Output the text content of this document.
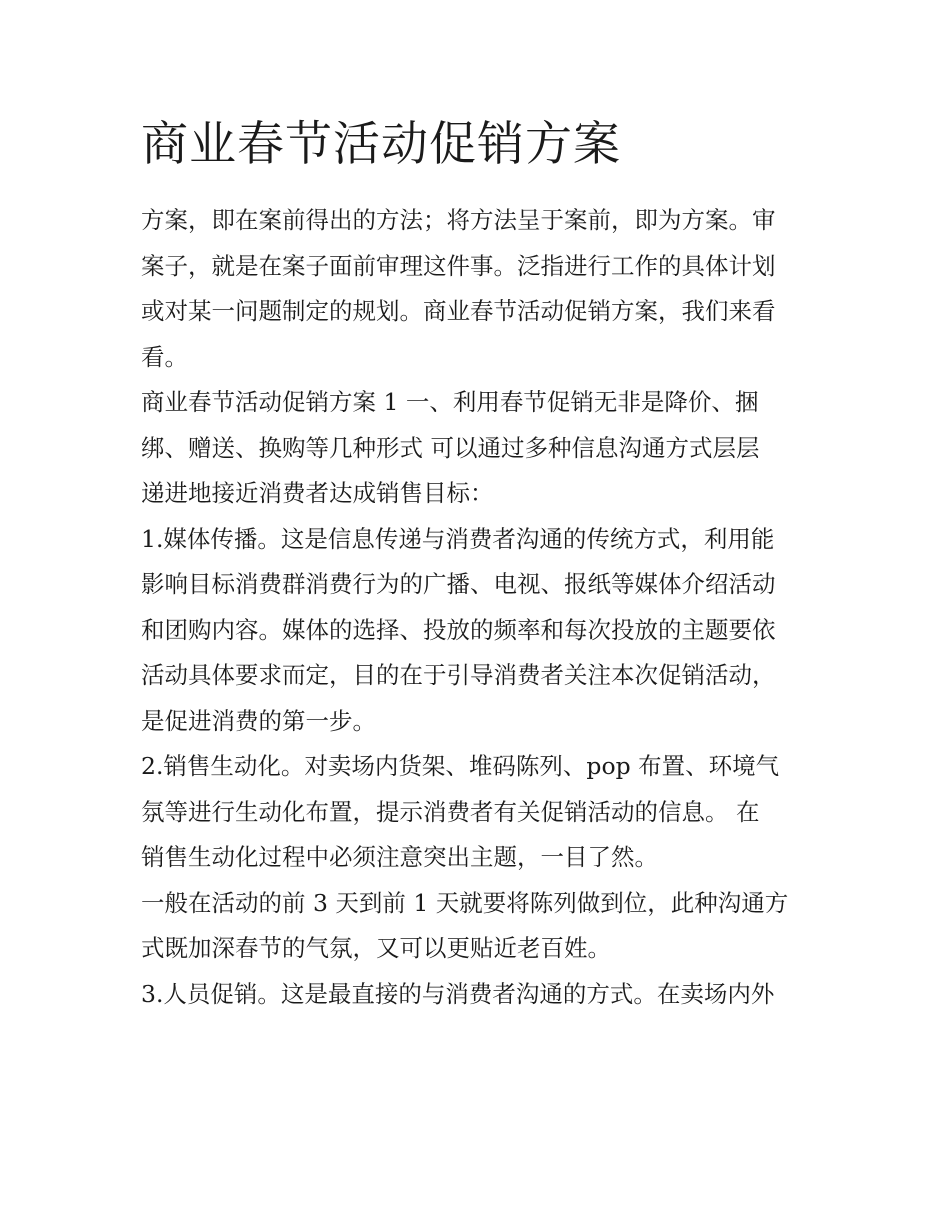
商业春节活动促销方案

方案，即在案前得出的方法；将方法呈于案前，即为方案。审
案子，就是在案子面前审理这件事。泛指进行工作的具体计划
或对某一问题制定的规划。商业春节活动促销方案，我们来看
看。

商业春节活动促销方案 1 一、利用春节促销无非是降价、捆
绑、赠送、换购等几种形式 可以通过多种信息沟通方式层层
递进地接近消费者达成销售目标：

1.媒体传播。这是信息传递与消费者沟通的传统方式，利用能
影响目标消费群消费行为的广播、电视、报纸等媒体介绍活动
和团购内容。媒体的选择、投放的频率和每次投放的主题要依
活动具体要求而定，目的在于引导消费者关注本次促销活动，
是促进消费的第一步。

2.销售生动化。对卖场内货架、堆码陈列、pop 布置、环境气
氛等进行生动化布置，提示消费者有关促销活动的信息。 在
销售生动化过程中必须注意突出主题，一目了然。

一般在活动的前 3 天到前 1 天就要将陈列做到位，此种沟通方
式既加深春节的气氛，又可以更贴近老百姓。

3.人员促销。这是最直接的与消费者沟通的方式。在卖场内外
